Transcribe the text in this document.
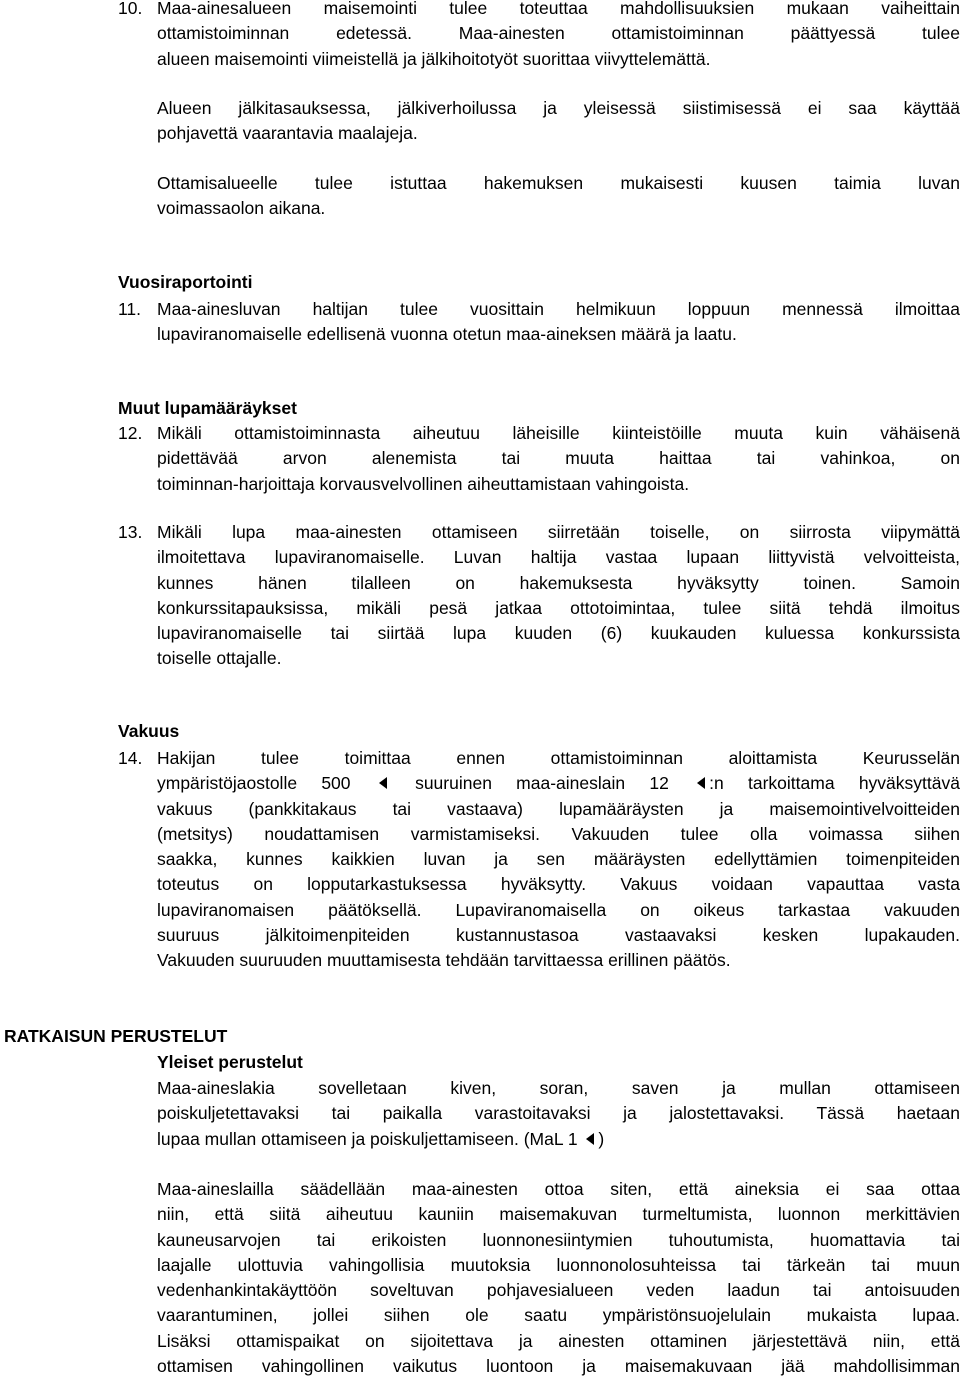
10. Maa-ainesalueen maisemointi tulee toteuttaa mahdollisuuksien mukaan vaiheittain
ottamistoiminnan edetessä. Maa-ainesten ottamistoiminnan päättyessä tulee
alueen maisemointi viimeistellä ja jälkihoitotyöt suorittaa viivyttelemättä.
Alueen jälkitasauksessa, jälkiverhoilussa ja yleisessä siistimisessä ei saa käyttää
pohjavettä vaarantavia maalajeja.
Ottamisalueelle tulee istuttaa hakemuksen mukaisesti kuusen taimia luvan
voimassaolon aikana.
Vuosiraportointi
11. Maa-ainesluvan haltijan tulee vuosittain helmikuun loppuun mennessä ilmoittaa
lupaviranomaiselle edellisenä vuonna otetun maa-aineksen määrä ja laatu.
Muut lupamääräykset
12. Mikäli ottamistoiminnasta aiheutuu läheisille kiinteistöille muuta kuin vähäisenä
pidettävää arvon alenemista tai muuta haittaa tai vahinkoa, on
toiminnan-harjoittaja korvausvelvollinen aiheuttamistaan vahingoista.
13. Mikäli lupa maa-ainesten ottamiseen siirretään toiselle, on siirrosta viipymättä
ilmoitettava lupaviranomaiselle. Luvan haltija vastaa lupaan liittyvistä velvoitteista,
kunnes hänen tilalleen on hakemuksesta hyväksytty toinen. Samoin
konkurssitapauksissa, mikäli pesä jatkaa ottotoimintaa, tulee siitä tehdä ilmoitus
lupaviranomaiselle tai siirtää lupa kuuden (6) kuukauden kuluessa konkurssista
toiselle ottajalle.
Vakuus
14. Hakijan tulee toimittaa ennen ottamistoiminnan aloittamista Keurusselän
ympäristöjaostolle 500	suuruinen maa-aineslain 12 :n tarkoittama hyväksyttävä
vakuus (pankkitakaus tai vastaava) lupamääräysten ja maisemointivelvoitteiden
(metsitys) noudattamisen varmistamiseksi. Vakuuden tulee olla voimassa siihen
saakka, kunnes kaikkien luvan ja sen määräysten edellyttämien toimenpiteiden
toteutus on lopputarkastuksessa hyväksytty. Vakuus voidaan vapauttaa vasta
lupaviranomaisen päätöksellä. Lupaviranomaisella on oikeus tarkastaa vakuuden
suuruus jälkitoimenpiteiden kustannustasoa vastaavaksi kesken lupakauden.
Vakuuden suuruuden muuttamisesta tehdään tarvittaessa erillinen päätös.
RATKAISUN PERUSTELUT
Yleiset perustelut
Maa-aineslakia sovelletaan kiven, soran, saven ja mullan ottamiseen
poiskuljetettavaksi tai paikalla varastoitavaksi ja jalostettavaksi. Tässä haetaan
lupaa mullan ottamiseen ja poiskuljettamiseen. (MaL 1 )
Maa-aineslailla säädellään maa-ainesten ottoa siten, että aineksia ei saa ottaa
niin, että siitä aiheutuu kauniin maisemakuvan turmeltumista, luonnon merkittävien
kauneusarvojen tai erikoisten luonnonesiintymien tuhoutumista, huomattavia tai
laajalle ulottuvia vahingollisia muutoksia luonnonolosuhteissa tai tärkeän tai muun
vedenhankintakäyttöön soveltuvan pohjavesialueen veden laadun tai antoisuuden
vaarantuminen, jollei siihen ole saatu ympäristönsuojelulain mukaista lupaa.
Lisäksi ottamispaikat on sijoitettava ja ainesten ottaminen järjestettävä niin, että
ottamisen vahingollinen vaikutus luontoon ja maisemakuvaan jää mahdollisimman
